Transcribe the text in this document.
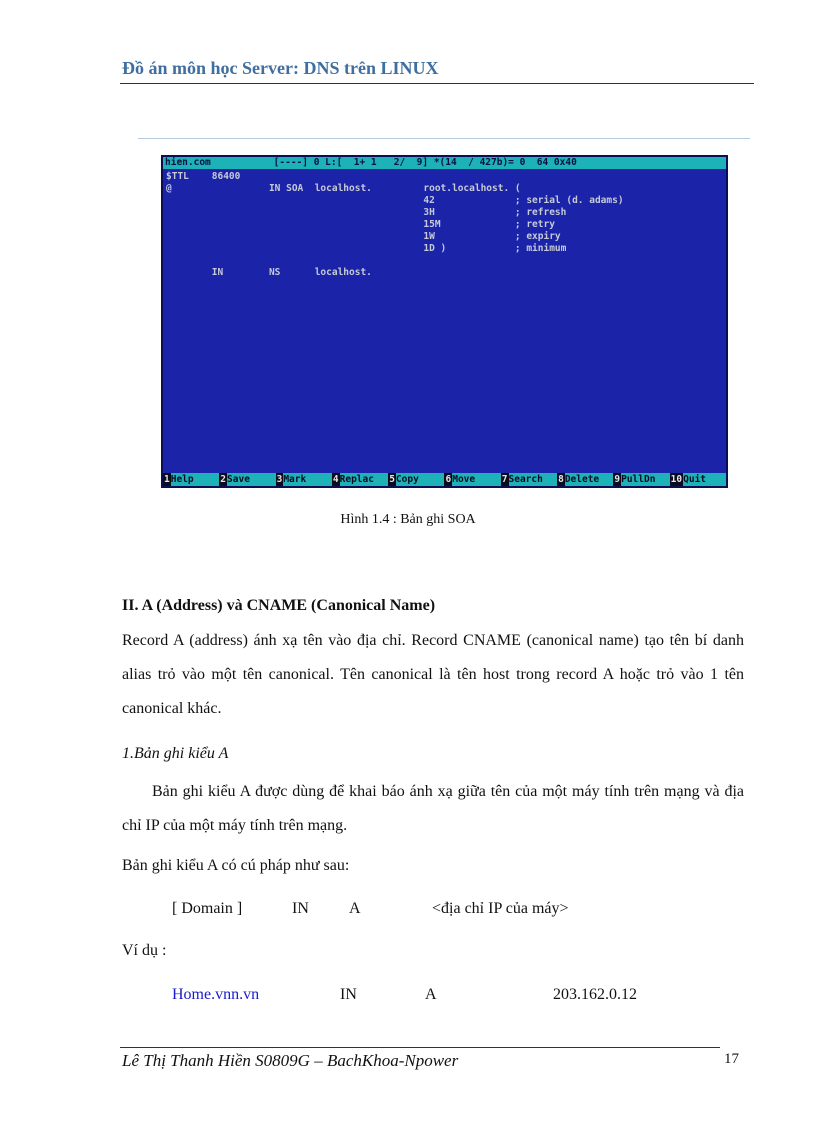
Đồ án môn học Server: DNS trên LINUX
hien.com           [----] 0 L:[  1+ 1   2/  9] *(14  / 427b)= 0  64 0x40
$TTL    86400
@                 IN SOA  localhost.         root.localhost. (
42              ; serial (d. adams)
3H              ; refresh
15M             ; retry
1W              ; expiry
1D )            ; minimum
IN        NS      localhost.
1 Help	2 Save	3 Mark	4 Replac	5 Copy	6 Move	7 Search	8 Delete	9 PullDn	10 Quit
Hình 1.4 : Bản ghi SOA
II. A (Address) và CNAME (Canonical Name)
Record A (address) ánh xạ tên vào địa chỉ. Record CNAME (canonical name) tạo tên bí danh alias trỏ vào một tên canonical. Tên canonical là tên host trong record A hoặc trỏ vào 1 tên canonical khác.
1.Bản ghi kiểu A
Bản ghi kiểu A được dùng để khai báo ánh xạ giữa tên của một máy tính trên mạng và địa chỉ IP của một máy tính trên mạng.
Bản ghi kiểu A có cú pháp như sau:
[ Domain ]	IN	A	<địa chỉ IP của máy>
Ví dụ :
Home.vnn.vn	IN	A	203.162.0.12
Lê Thị Thanh Hiền S0809G – BachKhoa-Npower	17
